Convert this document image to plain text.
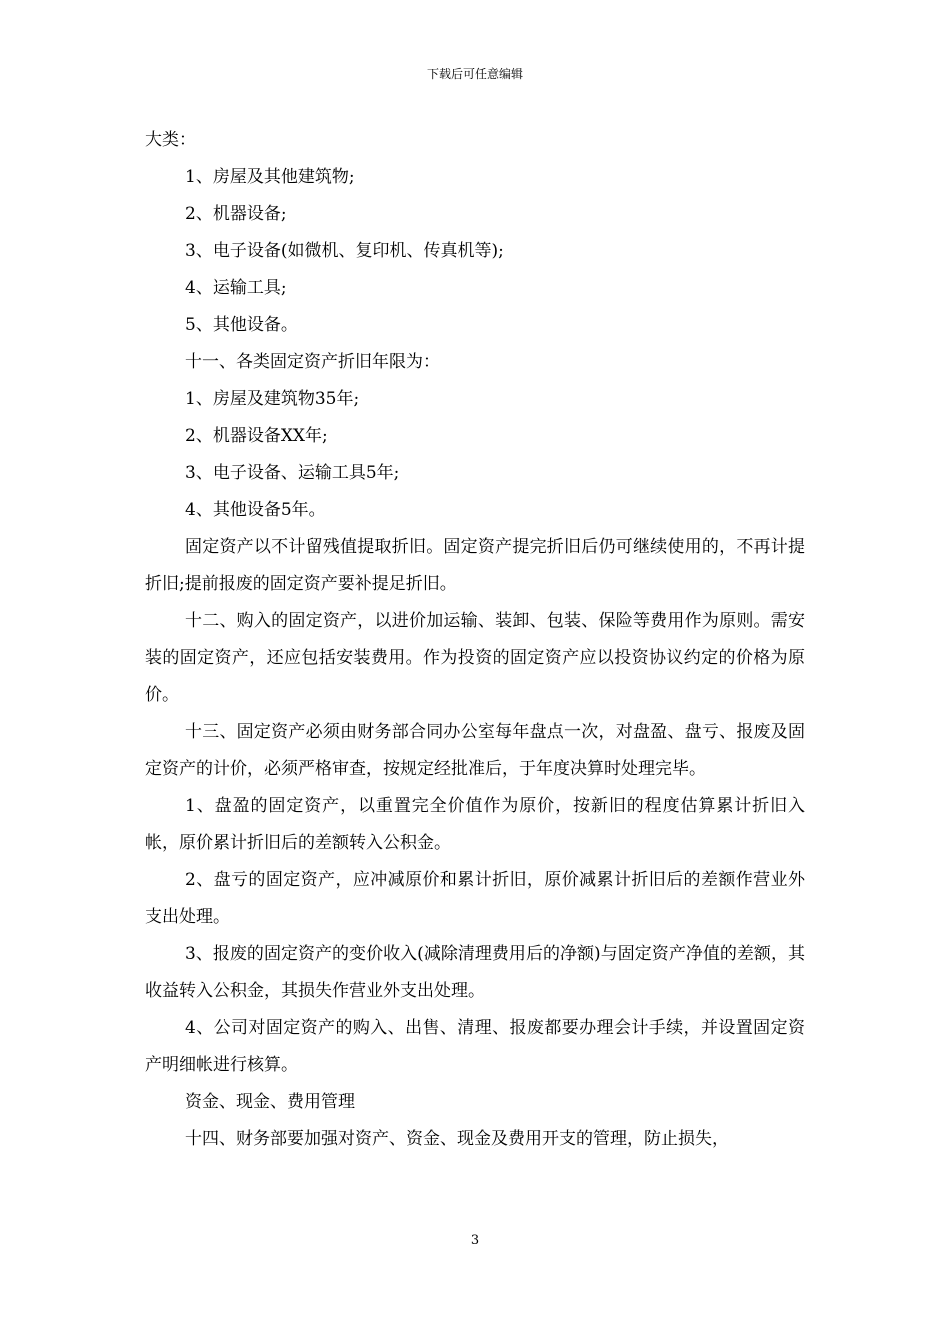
下载后可任意编辑

大类：

1、房屋及其他建筑物;

2、机器设备;

3、电子设备(如微机、复印机、传真机等);

4、运输工具;

5、其他设备。

十一、各类固定资产折旧年限为：

1、房屋及建筑物35年;

2、机器设备XX年;

3、电子设备、运输工具5年;

4、其他设备5年。

固定资产以不计留残值提取折旧。固定资产提完折旧后仍可继续使用的，不再计提折旧;提前报废的固定资产要补提足折旧。

十二、购入的固定资产，以进价加运输、装卸、包装、保险等费用作为原则。需安装的固定资产，还应包括安装费用。作为投资的固定资产应以投资协议约定的价格为原价。

十三、固定资产必须由财务部合同办公室每年盘点一次，对盘盈、盘亏、报废及固定资产的计价，必须严格审查，按规定经批准后，于年度决算时处理完毕。

1、盘盈的固定资产，以重置完全价值作为原价，按新旧的程度估算累计折旧入帐，原价累计折旧后的差额转入公积金。

2、盘亏的固定资产，应冲减原价和累计折旧，原价减累计折旧后的差额作营业外支出处理。

3、报废的固定资产的变价收入(减除清理费用后的净额)与固定资产净值的差额，其收益转入公积金，其损失作营业外支出处理。

4、公司对固定资产的购入、出售、清理、报废都要办理会计手续，并设置固定资产明细帐进行核算。

资金、现金、费用管理

十四、财务部要加强对资产、资金、现金及费用开支的管理，防止损失，

3
